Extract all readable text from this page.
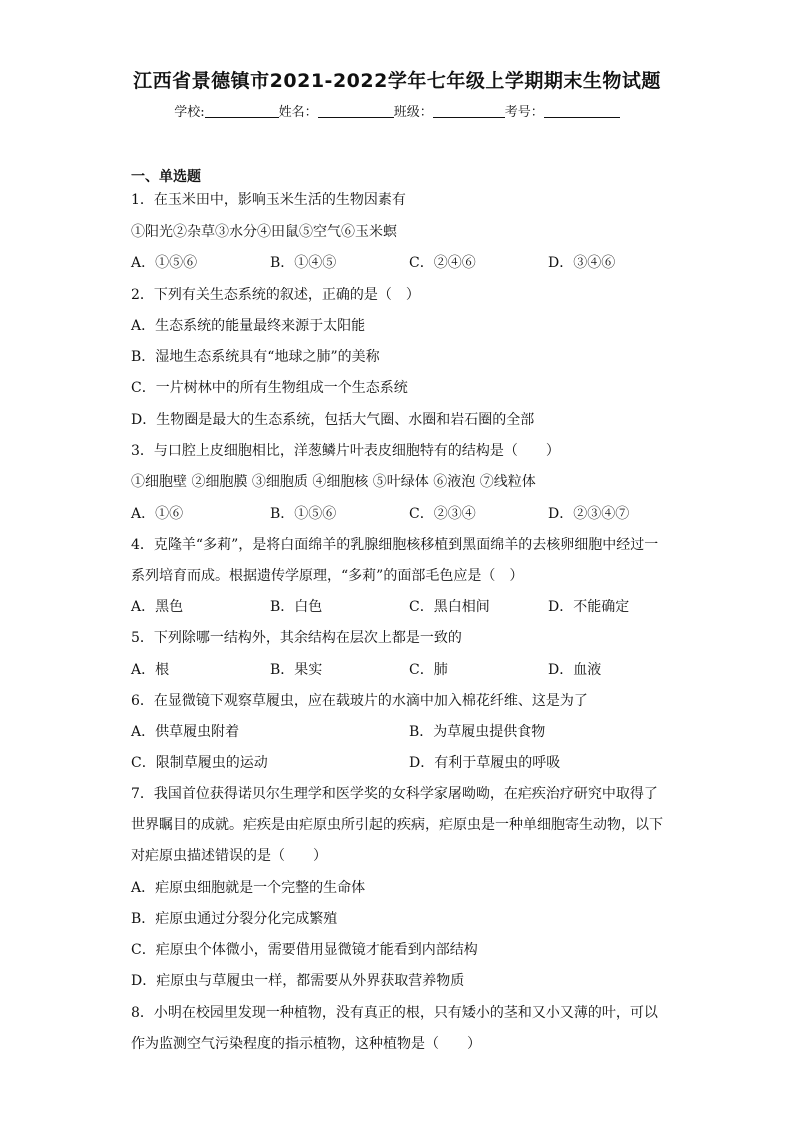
江西省景德镇市2021-2022学年七年级上学期期末生物试题
学校:	姓名：	班级：	考号：
一、单选题
1．在玉米田中，影响玉米生活的生物因素有
①阳光②杂草③水分④田鼠⑤空气⑥玉米螟
A．①⑤⑥	B．①④⑤	C．②④⑥	D．③④⑥
2．下列有关生态系统的叙述，正确的是（　）
A．生态系统的能量最终来源于太阳能
B．湿地生态系统具有“地球之肺”的美称
C．一片树林中的所有生物组成一个生态系统
D．生物圈是最大的生态系统，包括大气圈、水圈和岩石圈的全部
3．与口腔上皮细胞相比，洋葱鳞片叶表皮细胞特有的结构是（　　）
①细胞壁 ②细胞膜 ③细胞质 ④细胞核 ⑤叶绿体 ⑥液泡 ⑦线粒体
A．①⑥	B．①⑤⑥	C．②③④	D．②③④⑦
4．克隆羊“多莉”，是将白面绵羊的乳腺细胞核移植到黑面绵羊的去核卵细胞中经过一
系列培育而成。根据遗传学原理，“多莉”的面部毛色应是（　）
A．黑色	B．白色	C．黑白相间	D．不能确定
5．下列除哪一结构外，其余结构在层次上都是一致的
A．根	B．果实	C．肺	D．血液
6．在显微镜下观察草履虫，应在载玻片的水滴中加入棉花纤维、这是为了
A．供草履虫附着	B．为草履虫提供食物
C．限制草履虫的运动	D．有利于草履虫的呼吸
7．我国首位获得诺贝尔生理学和医学奖的女科学家屠呦呦，在疟疾治疗研究中取得了
世界瞩目的成就。疟疾是由疟原虫所引起的疾病，疟原虫是一种单细胞寄生动物，以下
对疟原虫描述错误的是（　　）
A．疟原虫细胞就是一个完整的生命体
B．疟原虫通过分裂分化完成繁殖
C．疟原虫个体微小，需要借用显微镜才能看到内部结构
D．疟原虫与草履虫一样，都需要从外界获取营养物质
8．小明在校园里发现一种植物，没有真正的根，只有矮小的茎和又小又薄的叶，可以
作为监测空气污染程度的指示植物，这种植物是（　　）
